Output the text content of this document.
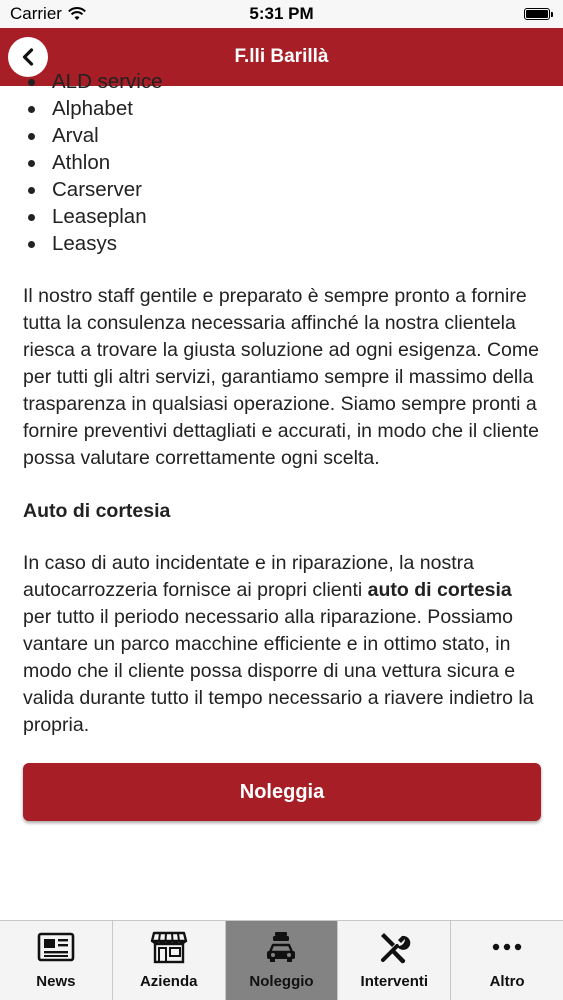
Carrier	5:31 PM
F.lli Barillà
ALD service
Alphabet
Arval
Athlon
Carserver
Leaseplan
Leasys

Il nostro staff gentile e preparato è sempre pronto a fornire tutta la consulenza necessaria affinché la nostra clientela riesca a trovare la giusta soluzione ad ogni esigenza. Come per tutti gli altri servizi, garantiamo sempre il massimo della trasparenza in qualsiasi operazione. Siamo sempre pronti a fornire preventivi dettagliati e accurati, in modo che il cliente possa valutare correttamente ogni scelta.

Auto di cortesia

In caso di auto incidentate e in riparazione, la nostra autocarrozzeria fornisce ai propri clienti auto di cortesia per tutto il periodo necessario alla riparazione. Possiamo vantare un parco macchine efficiente e in ottimo stato, in modo che il cliente possa disporre di una vettura sicura e valida durante tutto il tempo necessario a riavere indietro la propria.

Noleggia
News	Azienda	Noleggio	Interventi	Altro
